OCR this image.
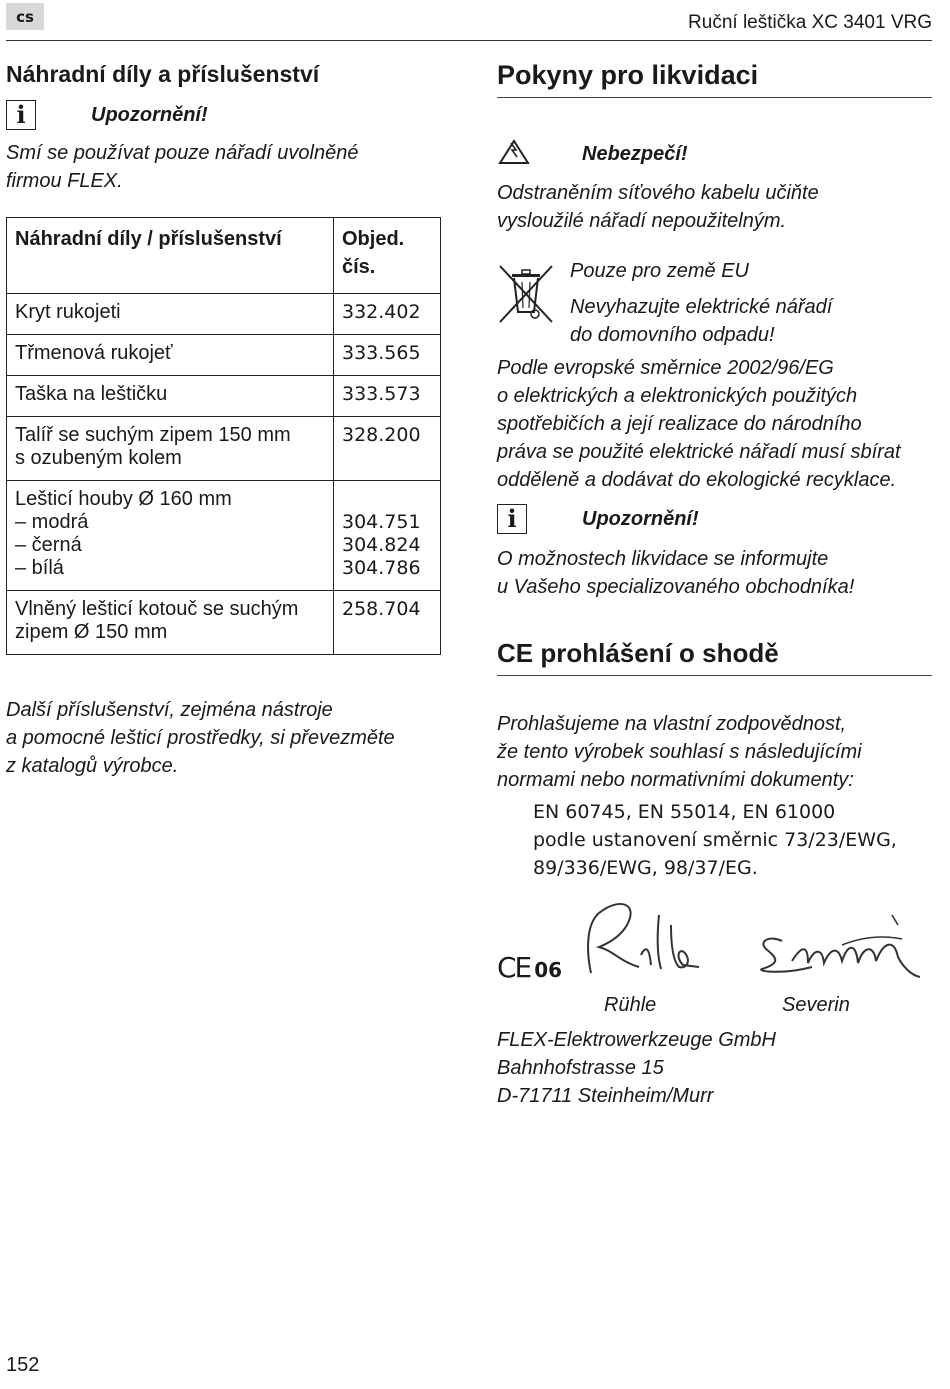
cs	Ruční leštička XC 3401 VRG
Náhradní díly a příslušenství
i	Upozornění!
Smí se používat pouze nářadí uvolněné
firmou FLEX.
Náhradní díly / příslušenství	Objed.
čís.

Kryt rukojeti	332.402

Třmenová rukojeť	333.565

Taška na leštičku	333.573

Talíř se suchým zipem 150 mm
s ozubeným kolem	328.200

Lešticí houby Ø 160 mm
– modrá
– černá
– bílá	304.751
304.824
304.786

Vlněný lešticí kotouč se suchým
zipem Ø 150 mm	258.704
Další příslušenství, zejména nástroje
a pomocné lešticí prostředky, si převezměte
z katalogů výrobce.
Pokyny pro likvidaci
Nebezpečí!
Odstraněním síťového kabelu učiňte
vysloužilé nářadí nepoužitelným.
Pouze pro země EU
Nevyhazujte elektrické nářadí
do domovního odpadu!
Podle evropské směrnice 2002/96/EG
o elektrických a elektronických použitých
spotřebičích a její realizace do národního
práva se použité elektrické nářadí musí sbírat
odděleně a dodávat do ekologické recyklace.
i	Upozornění!
O možnostech likvidace se informujte
u Vašeho specializovaného obchodníka!
CE prohlášení o shodě
Prohlašujeme na vlastní zodpovědnost,
že tento výrobek souhlasí s následujícími
normami nebo normativními dokumenty:
EN 60745, EN 55014, EN 61000
podle ustanovení směrnic 73/23/EWG,
89/336/EWG, 98/37/EG.
CE 06
Rühle	Severin
FLEX-Elektrowerkzeuge GmbH
Bahnhofstrasse 15
D-71711 Steinheim/Murr
152
